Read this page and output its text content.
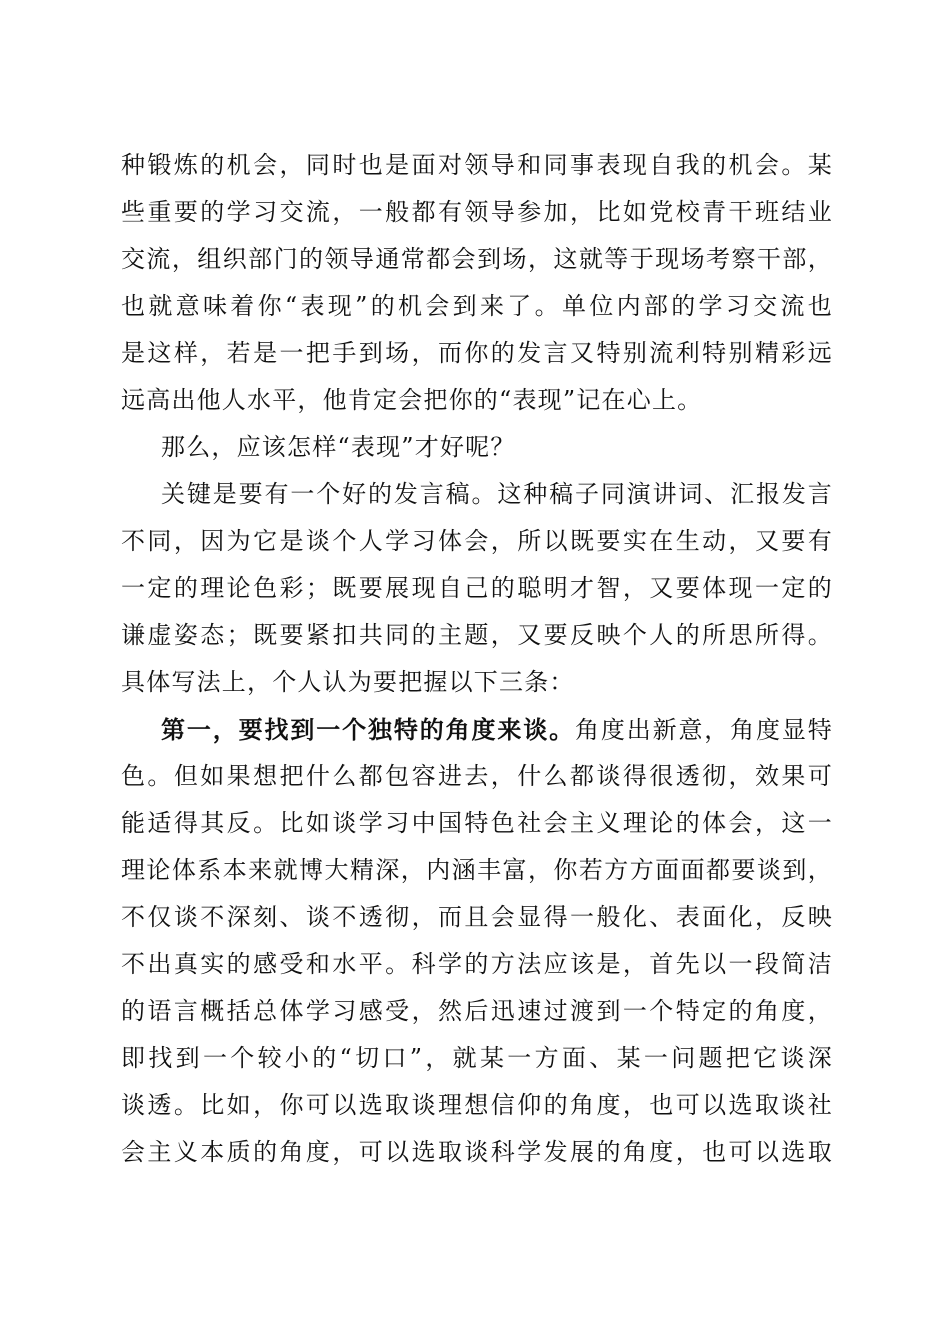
种锻炼的机会，同时也是面对领导和同事表现自我的机会。某
些重要的学习交流，一般都有领导参加，比如党校青干班结业
交流，组织部门的领导通常都会到场，这就等于现场考察干部，
也就意味着你“表现”的机会到来了。单位内部的学习交流也
是这样，若是一把手到场，而你的发言又特别流利特别精彩远
远高出他人水平，他肯定会把你的“表现”记在心上。
那么，应该怎样“表现”才好呢？
关键是要有一个好的发言稿。这种稿子同演讲词、汇报发言
不同，因为它是谈个人学习体会，所以既要实在生动，又要有
一定的理论色彩；既要展现自己的聪明才智，又要体现一定的
谦虚姿态；既要紧扣共同的主题，又要反映个人的所思所得。
具体写法上，个人认为要把握以下三条：
第一，要找到一个独特的角度来谈。角度出新意，角度显特
色。但如果想把什么都包容进去，什么都谈得很透彻，效果可
能适得其反。比如谈学习中国特色社会主义理论的体会，这一
理论体系本来就博大精深，内涵丰富，你若方方面面都要谈到，
不仅谈不深刻、谈不透彻，而且会显得一般化、表面化，反映
不出真实的感受和水平。科学的方法应该是，首先以一段简洁
的语言概括总体学习感受，然后迅速过渡到一个特定的角度，
即找到一个较小的“切口”，就某一方面、某一问题把它谈深
谈透。比如，你可以选取谈理想信仰的角度，也可以选取谈社
会主义本质的角度，可以选取谈科学发展的角度，也可以选取
